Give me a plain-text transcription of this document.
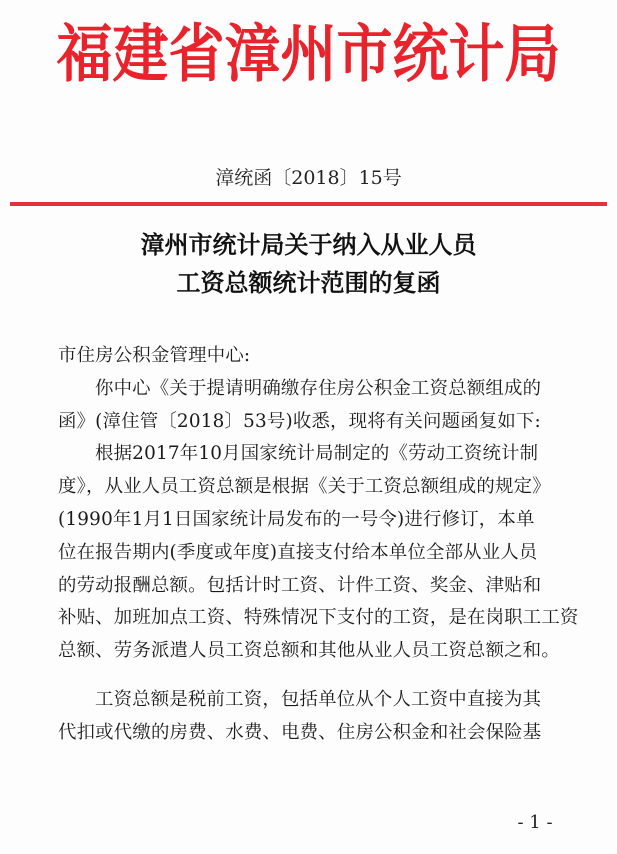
福建省漳州市统计局
漳统函〔2018〕15号
漳州市统计局关于纳入从业人员
工资总额统计范围的复函
市住房公积金管理中心:
你中心《关于提请明确缴存住房公积金工资总额组成的
函》(漳住管〔2018〕53号)收悉，现将有关问题函复如下:
根据2017年10月国家统计局制定的《劳动工资统计制
度》，从业人员工资总额是根据《关于工资总额组成的规定》
(1990年1月1日国家统计局发布的一号令)进行修订，本单
位在报告期内(季度或年度)直接支付给本单位全部从业人员
的劳动报酬总额。包括计时工资、计件工资、奖金、津贴和
补贴、加班加点工资、特殊情况下支付的工资，是在岗职工工资
总额、劳务派遣人员工资总额和其他从业人员工资总额之和。
工资总额是税前工资，包括单位从个人工资中直接为其
代扣或代缴的房费、水费、电费、住房公积金和社会保险基
- 1 -
